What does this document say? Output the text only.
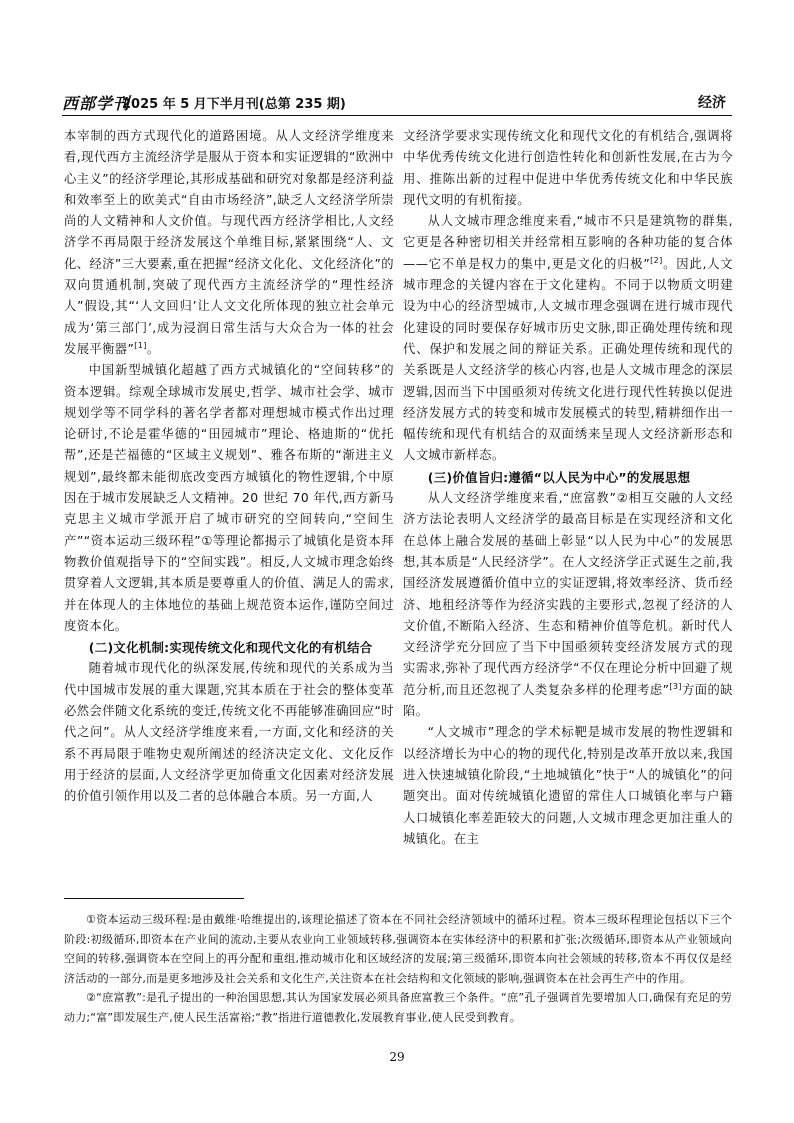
西部学刊
2025 年 5 月下半月刊(总第 235 期)	经济

本宰制的西方式现代化的道路困境。从人文经济学维度来看,现代西方主流经济学是服从于资本和实证逻辑的“欧洲中心主义”的经济学理论,其形成基础和研究对象都是经济利益和效率至上的欧美式“自由市场经济”,缺乏人文经济学所崇尚的人文精神和人文价值。与现代西方经济学相比,人文经济学不再局限于经济发展这个单维目标,紧紧围绕“人、文化、经济”三大要素,重在把握“经济文化化、文化经济化”的双向贯通机制,突破了现代西方主流经济学的“理性经济人”假设,其“‘人文回归’让人文文化所体现的独立社会单元成为‘第三部门’,成为浸润日常生活与大众合为一体的社会发展平衡器”[1]。

中国新型城镇化超越了西方式城镇化的“空间转移”的资本逻辑。综观全球城市发展史,哲学、城市社会学、城市规划学等不同学科的著名学者都对理想城市模式作出过理论研讨,不论是霍华德的“田园城市”理论、格迪斯的“优托帮”,还是芒福德的“区域主义规划”、雅各布斯的“渐进主义规划”,最终都未能彻底改变西方城镇化的物性逻辑,个中原因在于城市发展缺乏人文精神。20 世纪 70 年代,西方新马克思主义城市学派开启了城市研究的空间转向,“空间生产”“资本运动三级环程”①等理论都揭示了城镇化是资本拜物教价值观指导下的“空间实践”。相反,人文城市理念始终贯穿着人文逻辑,其本质是要尊重人的价值、满足人的需求,并在体现人的主体地位的基础上规范资本运作,谨防空间过度资本化。

(二)文化机制:实现传统文化和现代文化的有机结合

随着城市现代化的纵深发展,传统和现代的关系成为当代中国城市发展的重大课题,究其本质在于社会的整体变革必然会伴随文化系统的变迁,传统文化不再能够准确回应“时代之问”。从人文经济学维度来看,一方面,文化和经济的关系不再局限于唯物史观所阐述的经济决定文化、文化反作用于经济的层面,人文经济学更加倚重文化因素对经济发展的价值引领作用以及二者的总体融合本质。另一方面,人

文经济学要求实现传统文化和现代文化的有机结合,强调将中华优秀传统文化进行创造性转化和创新性发展,在古为今用、推陈出新的过程中促进中华优秀传统文化和中华民族现代文明的有机衔接。

从人文城市理念维度来看,“城市不只是建筑物的群集,它更是各种密切相关并经常相互影响的各种功能的复合体——它不单是权力的集中,更是文化的归极”[2]。因此,人文城市理念的关键内容在于文化建构。不同于以物质文明建设为中心的经济型城市,人文城市理念强调在进行城市现代化建设的同时要保存好城市历史文脉,即正确处理传统和现代、保护和发展之间的辩证关系。正确处理传统和现代的关系既是人文经济学的核心内容,也是人文城市理念的深层逻辑,因而当下中国亟须对传统文化进行现代性转换以促进经济发展方式的转变和城市发展模式的转型,精耕细作出一幅传统和现代有机结合的双面绣来呈现人文经济新形态和人文城市新样态。

(三)价值旨归:遵循“以人民为中心”的发展思想

从人文经济学维度来看,“庶富教”②相互交融的人文经济方法论表明人文经济学的最高目标是在实现经济和文化在总体上融合发展的基础上彰显“以人民为中心”的发展思想,其本质是“人民经济学”。在人文经济学正式诞生之前,我国经济发展遵循价值中立的实证逻辑,将效率经济、货币经济、地租经济等作为经济实践的主要形式,忽视了经济的人文价值,不断陷入经济、生态和精神价值等危机。新时代人文经济学充分回应了当下中国亟须转变经济发展方式的现实需求,弥补了现代西方经济学“不仅在理论分析中回避了规范分析,而且还忽视了人类复杂多样的伦理考虑”[3]方面的缺陷。

“人文城市”理念的学术标靶是城市发展的物性逻辑和以经济增长为中心的物的现代化,特别是改革开放以来,我国进入快速城镇化阶段,“土地城镇化”快于“人的城镇化”的问题突出。面对传统城镇化遗留的常住人口城镇化率与户籍人口城镇化率差距较大的问题,人文城市理念更加注重人的城镇化。在主

①资本运动三级环程:是由戴维·哈维提出的,该理论描述了资本在不同社会经济领域中的循环过程。资本三级环程理论包括以下三个阶段:初级循环,即资本在产业间的流动,主要从农业向工业领域转移,强调资本在实体经济中的积累和扩张;次级循环,即资本从产业领域向空间的转移,强调资本在空间上的再分配和重组,推动城市化和区域经济的发展;第三级循环,即资本向社会领域的转移,资本不再仅仅是经济活动的一部分,而是更多地涉及社会关系和文化生产,关注资本在社会结构和文化领域的影响,强调资本在社会再生产中的作用。

②“庶富教”:是孔子提出的一种治国思想,其认为国家发展必须具备庶富教三个条件。“庶”孔子强调首先要增加人口,确保有充足的劳动力;“富”即发展生产,使人民生活富裕;“教”指进行道德教化,发展教育事业,使人民受到教育。

29
